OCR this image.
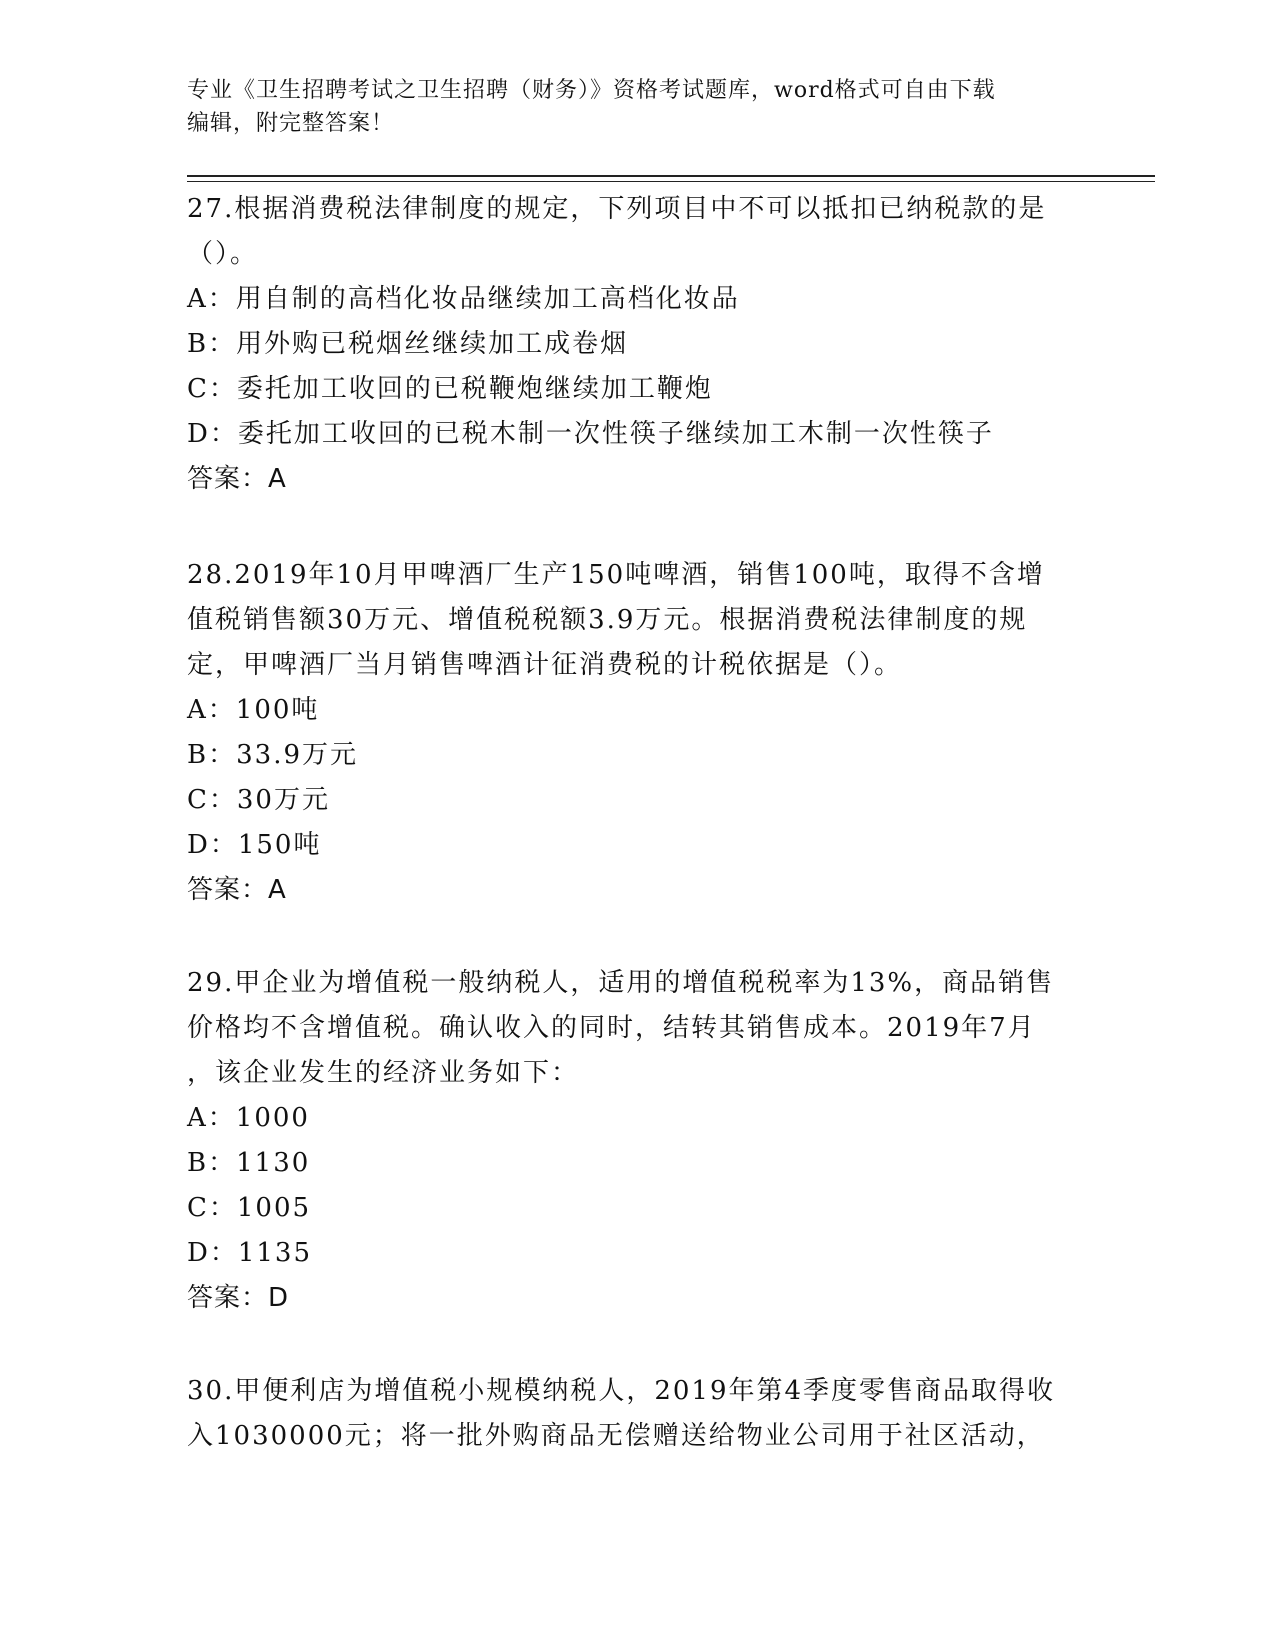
专业《卫生招聘考试之卫生招聘（财务）》资格考试题库，word格式可自由下载
编辑，附完整答案！
27.根据消费税法律制度的规定，下列项目中不可以抵扣已纳税款的是
（）。
A：用自制的高档化妆品继续加工高档化妆品
B：用外购已税烟丝继续加工成卷烟
C：委托加工收回的已税鞭炮继续加工鞭炮
D：委托加工收回的已税木制一次性筷子继续加工木制一次性筷子
答案：A
28.2019年10月甲啤酒厂生产150吨啤酒，销售100吨，取得不含增
值税销售额30万元、增值税税额3.9万元。根据消费税法律制度的规
定，甲啤酒厂当月销售啤酒计征消费税的计税依据是（）。
A：100吨
B：33.9万元
C：30万元
D：150吨
答案：A
29.甲企业为增值税一般纳税人，适用的增值税税率为13%，商品销售
价格均不含增值税。确认收入的同时，结转其销售成本。2019年7月
，该企业发生的经济业务如下：
A：1000
B：1130
C：1005
D：1135
答案：D
30.甲便利店为增值税小规模纳税人，2019年第4季度零售商品取得收
入1030000元；将一批外购商品无偿赠送给物业公司用于社区活动，
